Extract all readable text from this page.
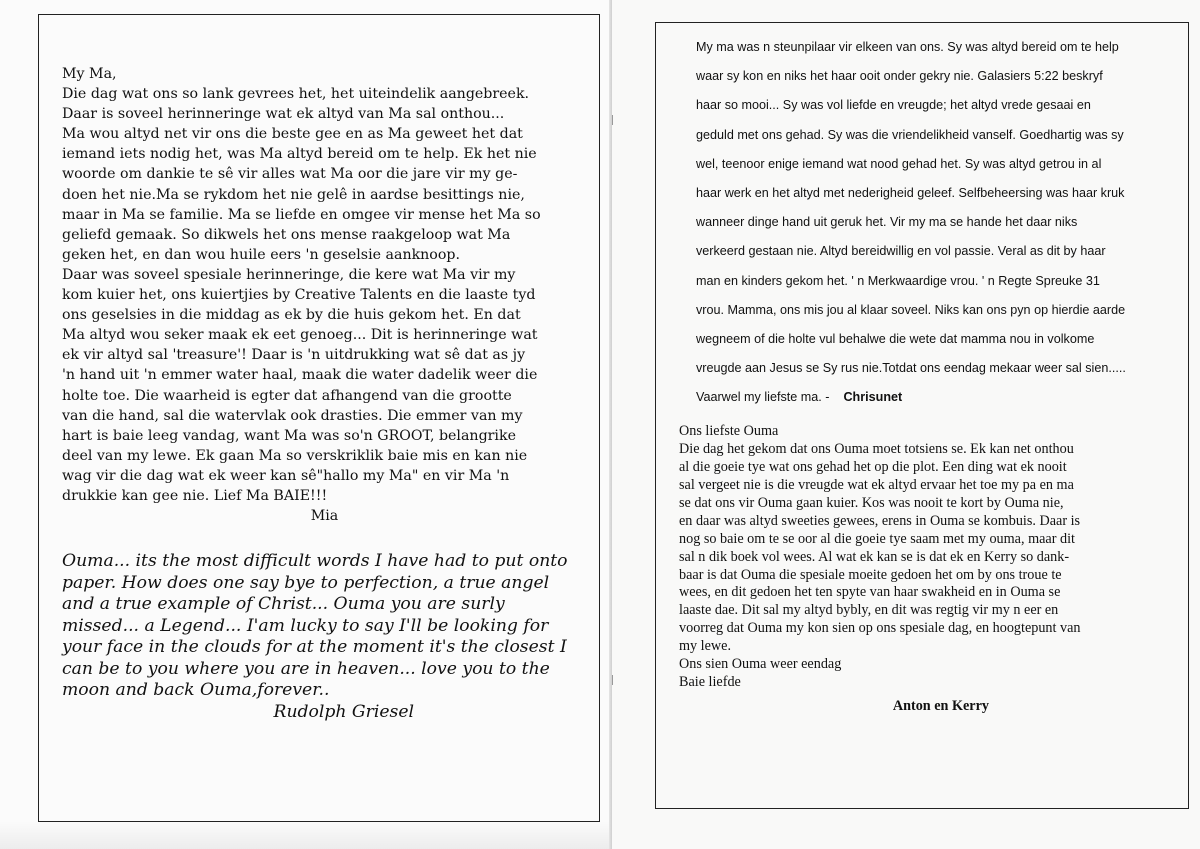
My Ma,
Die dag wat ons so lank gevrees het, het uiteindelik aangebreek.
Daar is soveel herinneringe wat ek altyd van Ma sal onthou...
Ma wou altyd net vir ons die beste gee en as Ma geweet het dat
iemand iets nodig het, was Ma altyd bereid om te help. Ek het nie
woorde om dankie te sê vir alles wat Ma oor die jare vir my ge-
doen het nie.Ma se rykdom het nie gelê in aardse besittings nie,
maar in Ma se familie. Ma se liefde en omgee vir mense het Ma so
geliefd gemaak. So dikwels het ons mense raakgeloop wat Ma
geken het, en dan wou huile eers 'n geselsie aanknoop.
Daar was soveel spesiale herinneringe, die kere wat Ma vir my
kom kuier het, ons kuiertjies by Creative Talents en die laaste tyd
ons geselsies in die middag as ek by die huis gekom het. En dat
Ma altyd wou seker maak ek eet genoeg... Dit is herinneringe wat
ek vir altyd sal 'treasure'! Daar is 'n uitdrukking wat sê dat as jy
'n hand uit 'n emmer water haal, maak die water dadelik weer die
holte toe. Die waarheid is egter dat afhangend van die grootte
van die hand, sal die watervlak ook drasties. Die emmer van my
hart is baie leeg vandag, want Ma was so'n GROOT, belangrike
deel van my lewe. Ek gaan Ma so verskriklik baie mis en kan nie
wag vir die dag wat ek weer kan sê"hallo my Ma" en vir Ma 'n
drukkie kan gee nie. Lief Ma BAIE!!!
Mia
Ouma... its the most difficult words I have had to put onto
paper. How does one say bye to perfection, a true angel
and a true example of Christ... Ouma you are surly
missed... a Legend... I'am lucky to say I'll be looking for
your face in the clouds for at the moment it's the closest I
can be to you where you are in heaven... love you to the
moon and back Ouma,forever..
Rudolph Griesel
My ma was n steunpilaar vir elkeen van ons. Sy was altyd bereid om te help
waar sy kon en niks het haar ooit onder gekry nie. Galasiers 5:22 beskryf
haar so mooi... Sy was vol liefde en vreugde; het altyd vrede gesaai en
geduld met ons gehad. Sy was die vriendelikheid vanself. Goedhartig was sy
wel, teenoor enige iemand wat nood gehad het. Sy was altyd getrou in al
haar werk en het altyd met nederigheid geleef. Selfbeheersing was haar kruk
wanneer dinge hand uit geruk het. Vir my ma se hande het daar niks
verkeerd gestaan nie. Altyd bereidwillig en vol passie. Veral as dit by haar
man en kinders gekom het. ' n Merkwaardige vrou. ' n Regte Spreuke 31
vrou. Mamma, ons mis jou al klaar soveel. Niks kan ons pyn op hierdie aarde
wegneem of die holte vul behalwe die wete dat mamma nou in volkome
vreugde aan Jesus se Sy rus nie.Totdat ons eendag mekaar weer sal sien.....
Vaarwel my liefste ma. - Chrisunet
Ons liefste Ouma
Die dag het gekom dat ons Ouma moet totsiens se. Ek kan net onthou
al die goeie tye wat ons gehad het op die plot. Een ding wat ek nooit
sal vergeet nie is die vreugde wat ek altyd ervaar het toe my pa en ma
se dat ons vir Ouma gaan kuier. Kos was nooit te kort by Ouma nie,
en daar was altyd sweeties gewees, erens in Ouma se kombuis. Daar is
nog so baie om te se oor al die goeie tye saam met my ouma, maar dit
sal n dik boek vol wees. Al wat ek kan se is dat ek en Kerry so dank-
baar is dat Ouma die spesiale moeite gedoen het om by ons troue te
wees, en dit gedoen het ten spyte van haar swakheid en in Ouma se
laaste dae. Dit sal my altyd bybly, en dit was regtig vir my n eer en
voorreg dat Ouma my kon sien op ons spesiale dag, en hoogtepunt van
my lewe.
Ons sien Ouma weer eendag
Baie liefde
Anton en Kerry
